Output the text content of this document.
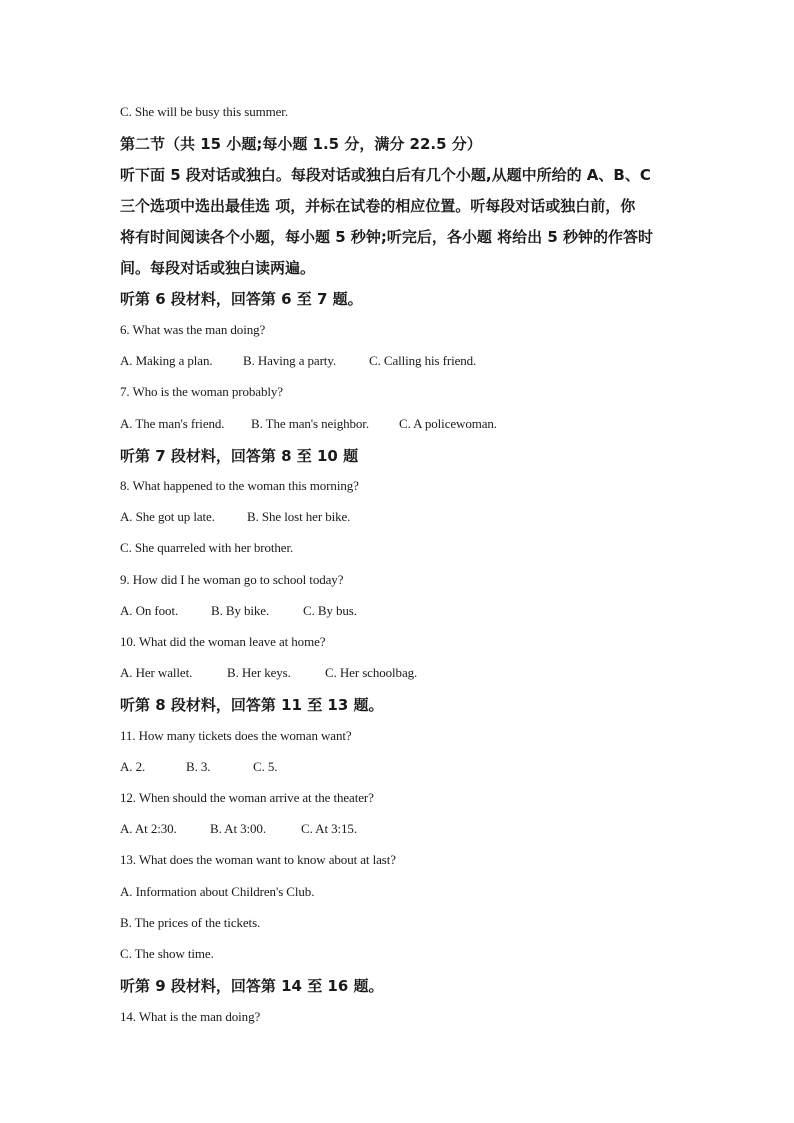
C. She will be busy this summer.
第二节（共 15 小题;每小题 1.5 分，满分 22.5 分）
听下面 5 段对话或独白。每段对话或独白后有几个小题,从题中所给的 A、B、C
三个选项中选出最佳选 项，并标在试卷的相应位置。听每段对话或独白前，你
将有时间阅读各个小题，每小题 5 秒钟;听完后，各小题 将给出 5 秒钟的作答时
间。每段对话或独白读两遍。
听第 6 段材料，回答第 6 至 7 题。
6. What was the man doing?
A. Making a plan. B. Having a party.	C. Calling his friend.
7. Who is the woman probably?
A. The man's friend. B. The man's neighbor. C. A policewoman.
听第 7 段材料，回答第 8 至 10 题
8. What happened to the woman this morning?
A. She got up late. B. She lost her bike.
C. She quarreled with her brother.
9. How did I he woman go to school today?
A. On foot.	B. By bike.	C. By bus.
10. What did the woman leave at home?
A. Her wallet.	B. Her keys.	C. Her schoolbag.
听第 8 段材料，回答第 11 至 13 题。
11. How many tickets does the woman want?
A. 2.	B. 3.	C. 5.
12. When should the woman arrive at the theater?
A. At 2:30.	B. At 3:00.	C. At 3:15.
13. What does the woman want to know about at last?
A. Information about Children's Club.
B. The prices of the tickets.
C. The show time.
听第 9 段材料，回答第 14 至 16 题。
14. What is the man doing?
